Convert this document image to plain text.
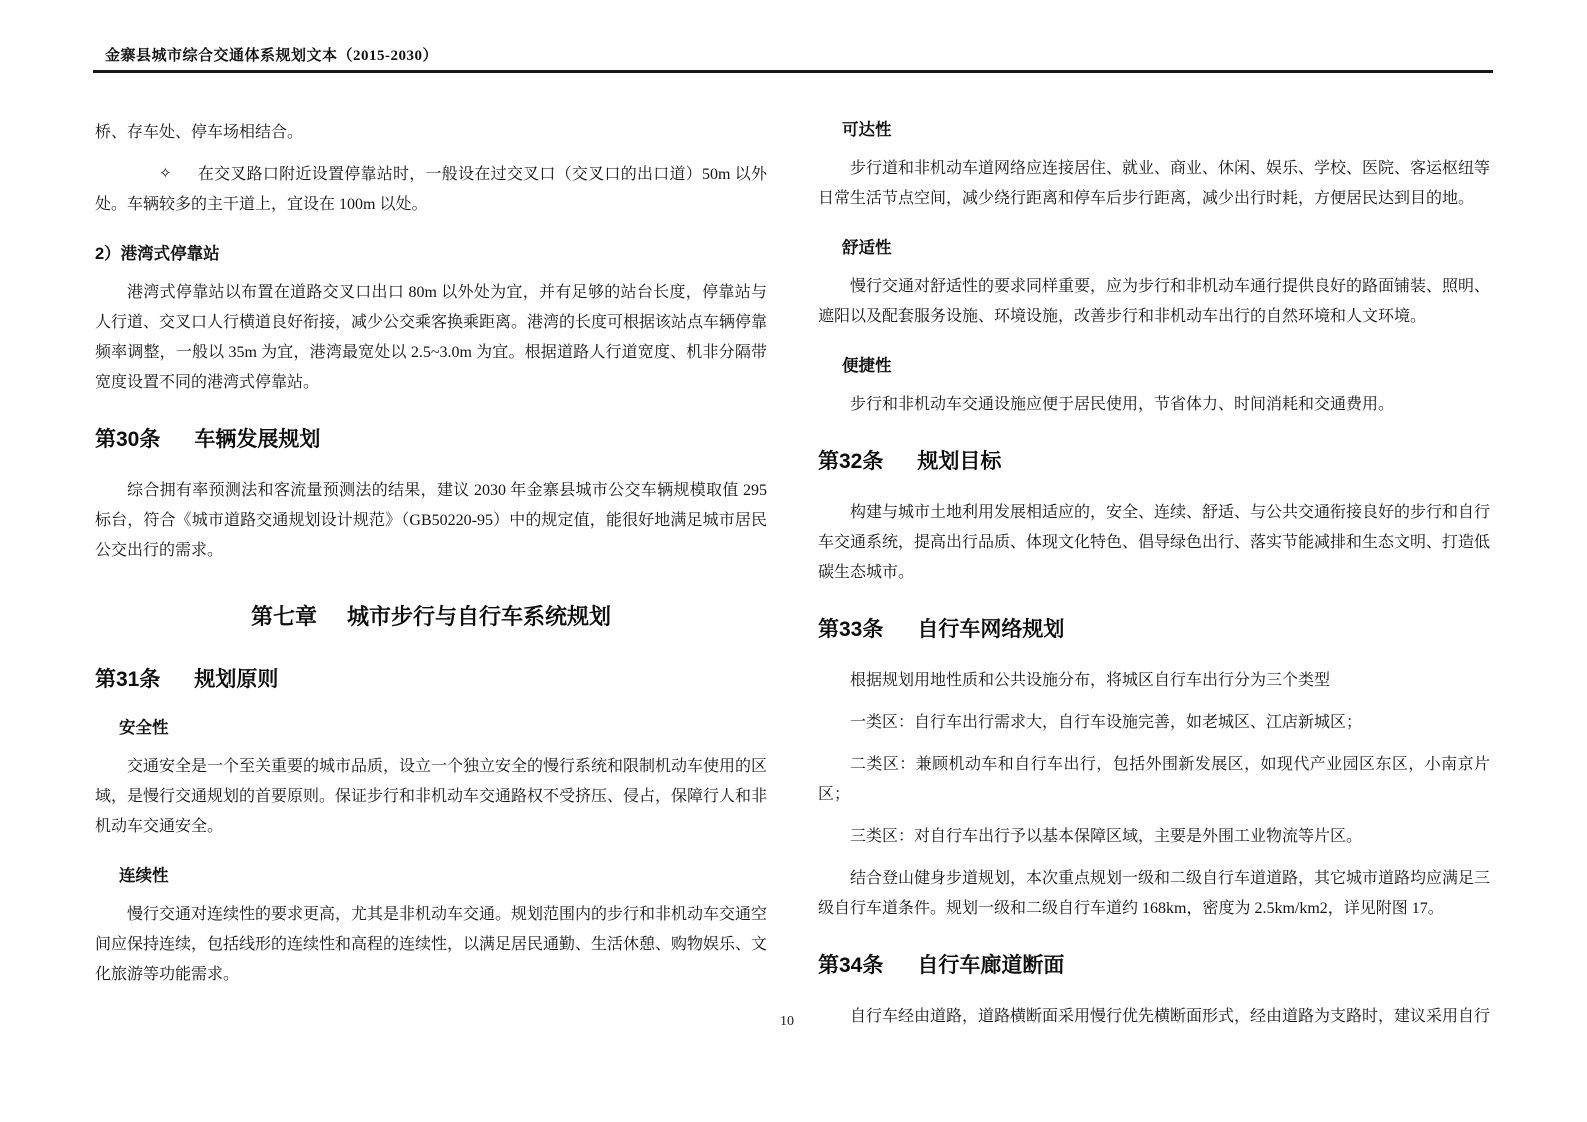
金寨县城市综合交通体系规划文本（2015-2030）

桥、存车处、停车场相结合。

✧ 在交叉路口附近设置停靠站时，一般设在过交叉口（交叉口的出口道）50m 以外处。车辆较多的主干道上，宜设在 100m 以处。

2）港湾式停靠站

港湾式停靠站以布置在道路交叉口出口 80m 以外处为宜，并有足够的站台长度，停靠站与人行道、交叉口人行横道良好衔接，减少公交乘客换乘距离。港湾的长度可根据该站点车辆停靠频率调整，一般以 35m 为宜，港湾最宽处以 2.5~3.0m 为宜。根据道路人行道宽度、机非分隔带宽度设置不同的港湾式停靠站。

第30条 车辆发展规划

综合拥有率预测法和客流量预测法的结果，建议 2030 年金寨县城市公交车辆规模取值 295 标台，符合《城市道路交通规划设计规范》（GB50220-95）中的规定值，能很好地满足城市居民公交出行的需求。

第七章 城市步行与自行车系统规划
第31条 规划原则
安全性

交通安全是一个至关重要的城市品质，设立一个独立安全的慢行系统和限制机动车使用的区域，是慢行交通规划的首要原则。保证步行和非机动车交通路权不受挤压、侵占，保障行人和非机动车交通安全。

连续性

慢行交通对连续性的要求更高，尤其是非机动车交通。规划范围内的步行和非机动车交通空间应保持连续，包括线形的连续性和高程的连续性，以满足居民通勤、生活休憩、购物娱乐、文化旅游等功能需求。

可达性

步行道和非机动车道网络应连接居住、就业、商业、休闲、娱乐、学校、医院、客运枢纽等日常生活节点空间，减少绕行距离和停车后步行距离，减少出行时耗，方便居民达到目的地。

舒适性

慢行交通对舒适性的要求同样重要，应为步行和非机动车通行提供良好的路面铺装、照明、遮阳以及配套服务设施、环境设施，改善步行和非机动车出行的自然环境和人文环境。

便捷性

步行和非机动车交通设施应便于居民使用，节省体力、时间消耗和交通费用。

第32条 规划目标

构建与城市土地利用发展相适应的，安全、连续、舒适、与公共交通衔接良好的步行和自行车交通系统，提高出行品质、体现文化特色、倡导绿色出行、落实节能减排和生态文明、打造低碳生态城市。

第33条 自行车网络规划

根据规划用地性质和公共设施分布，将城区自行车出行分为三个类型

一类区：自行车出行需求大，自行车设施完善，如老城区、江店新城区；

二类区：兼顾机动车和自行车出行，包括外围新发展区，如现代产业园区东区，小南京片区；

三类区：对自行车出行予以基本保障区域，主要是外围工业物流等片区。

结合登山健身步道规划，本次重点规划一级和二级自行车道道路，其它城市道路均应满足三级自行车道条件。规划一级和二级自行车道约 168km，密度为 2.5km/km2，详见附图 17。

第34条 自行车廊道断面

自行车经由道路，道路横断面采用慢行优先横断面形式，经由道路为支路时，建议采用自行

10
